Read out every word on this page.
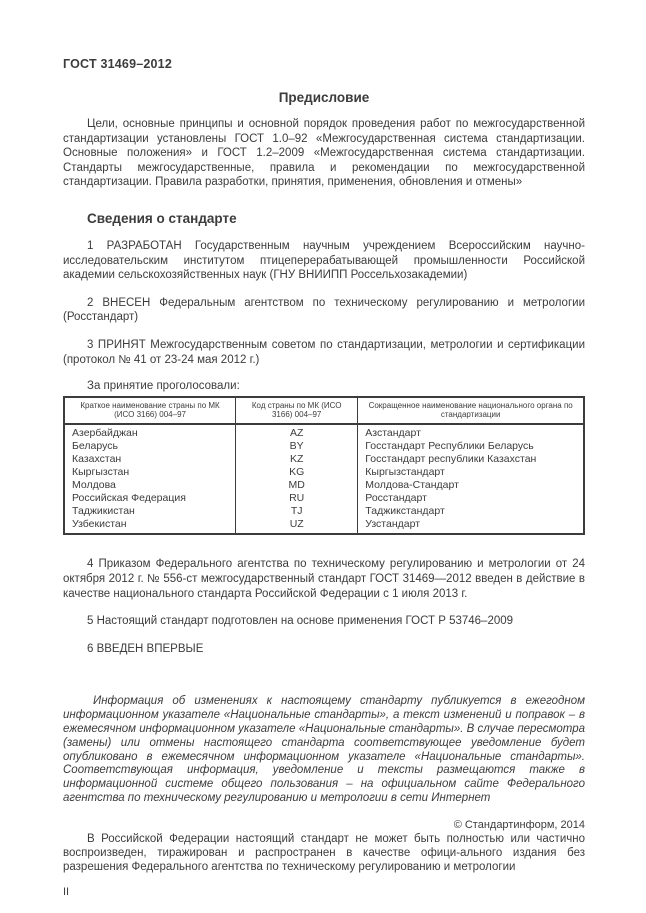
ГОСТ 31469–2012
Предисловие

Цели, основные принципы и основной порядок проведения работ по межгосударственной стандартизации установлены ГОСТ 1.0–92 «Межгосударственная система стандартизации. Основные положения» и ГОСТ 1.2–2009 «Межгосударственная система стандартизации. Стандарты межгосударственные, правила и рекомендации по межгосударственной стандартизации. Правила разработки, принятия, применения, обновления и отмены»

Сведения о стандарте

1 РАЗРАБОТАН Государственным научным учреждением Всероссийским научно-исследовательским институтом птицеперерабатывающей промышленности Российской академии сельскохозяйственных наук (ГНУ ВНИИПП Россельхозакадемии)

2 ВНЕСЕН Федеральным агентством по техническому регулированию и метрологии (Росстандарт)

3 ПРИНЯТ Межгосударственным советом по стандартизации, метрологии и сертификации (протокол № 41 от 23-24 мая 2012 г.)

За принятие проголосовали:

Краткое наименование страны по МК (ИСО 3166) 004–97	Код страны по МК (ИСО 3166) 004–97	Сокращенное наименование национального органа по стандартизации
Азербайджан	AZ	Азстандарт
Беларусь	BY	Госстандарт Республики Беларусь
Казахстан	KZ	Госстандарт республики Казахстан
Кыргызстан	KG	Кыргызстандарт
Молдова	MD	Молдова-Стандарт
Российская Федерация	RU	Росстандарт
Таджикистан	TJ	Таджикстандарт
Узбекистан	UZ	Узстандарт

4 Приказом Федерального агентства по техническому регулированию и метрологии от 24 октября 2012 г. № 556-ст межгосударственный стандарт ГОСТ 31469—2012 введен в действие в качестве национального стандарта Российской Федерации с 1 июля 2013 г.

5 Настоящий стандарт подготовлен на основе применения ГОСТ Р 53746–2009

6 ВВЕДЕН ВПЕРВЫЕ

Информация об изменениях к настоящему стандарту публикуется в ежегодном информационном указателе «Национальные стандарты», а текст изменений и поправок – в ежемесячном информационном указателе «Национальные стандарты». В случае пересмотра (замены) или отмены настоящего стандарта соответствующее уведомление будет опубликовано в ежемесячном информационном указателе «Национальные стандарты». Соответствующая информация, уведомление и тексты размещаются также в информационной системе общего пользования – на официальном сайте Федерального агентства по техническому регулированию и метрологии в сети Интернет

© Стандартинформ, 2014

В Российской Федерации настоящий стандарт не может быть полностью или частично воспроизведен, тиражирован и распространен в качестве офици-ального издания без разрешения Федерального агентства по техническому регулированию и метрологии

II
